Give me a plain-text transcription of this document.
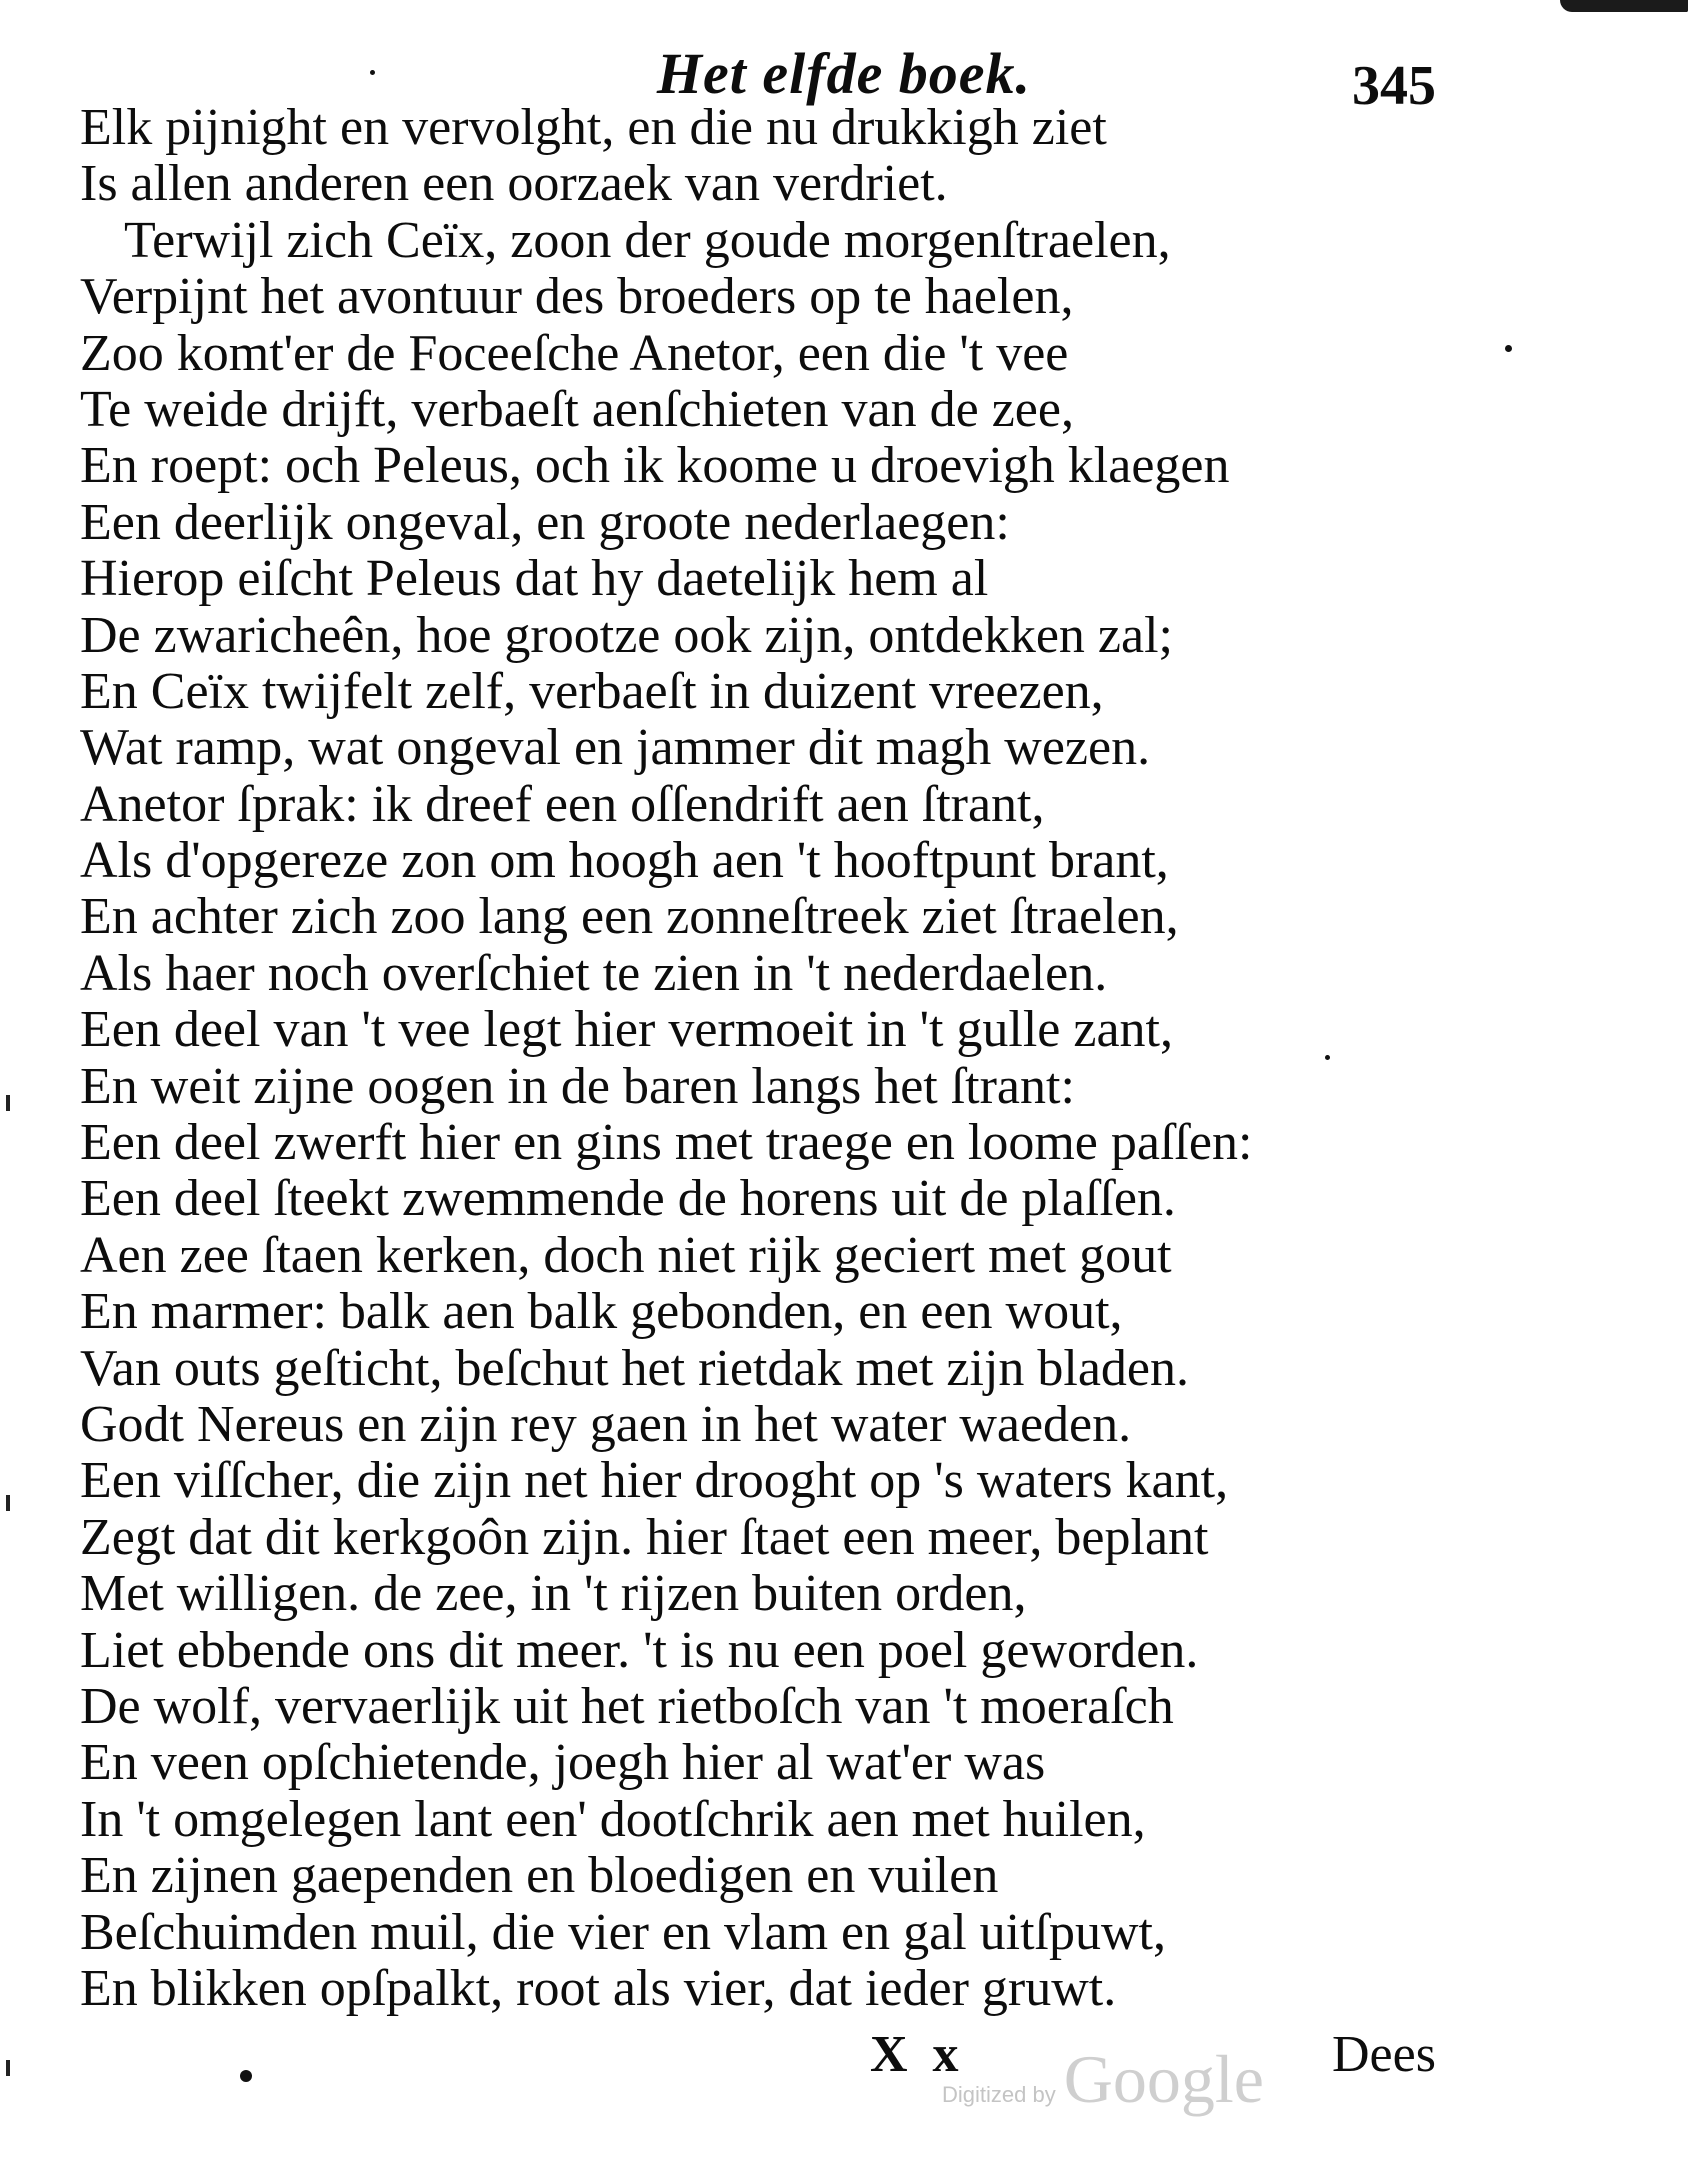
Het elfde boek.	345
Elk pijnight en vervolght, en die nu drukkigh ziet
Is allen anderen een oorzaek van verdriet.
Terwijl zich Ceïx, zoon der goude morgenſtraelen,
Verpijnt het avontuur des broeders op te haelen,
Zoo komt'er de Foceeſche Anetor, een die 't vee
Te weide drijft, verbaeſt aenſchieten van de zee,
En roept: och Peleus, och ik koome u droevigh klaegen
Een deerlijk ongeval, en groote nederlaegen:
Hierop eiſcht Peleus dat hy daetelijk hem al
De zwaricheên, hoe grootze ook zijn, ontdekken zal;
En Ceïx twijfelt zelf, verbaeſt in duizent vreezen,
Wat ramp, wat ongeval en jammer dit magh wezen.
Anetor ſprak: ik dreef een oſſendrift aen ſtrant,
Als d'opgereze zon om hoogh aen 't hooftpunt brant,
En achter zich zoo lang een zonneſtreek ziet ſtraelen,
Als haer noch overſchiet te zien in 't nederdaelen.
Een deel van 't vee legt hier vermoeit in 't gulle zant,
En weit zijne oogen in de baren langs het ſtrant:
Een deel zwerft hier en gins met traege en loome paſſen:
Een deel ſteekt zwemmende de horens uit de plaſſen.
Aen zee ſtaen kerken, doch niet rijk geciert met gout
En marmer: balk aen balk gebonden, en een wout,
Van outs geſticht, beſchut het rietdak met zijn bladen.
Godt Nereus en zijn rey gaen in het water waeden.
Een viſſcher, die zijn net hier drooght op 's waters kant,
Zegt dat dit kerkgoôn zijn. hier ſtaet een meer, beplant
Met willigen. de zee, in 't rijzen buiten orden,
Liet ebbende ons dit meer. 't is nu een poel geworden.
De wolf, vervaerlijk uit het rietboſch van 't moeraſch
En veen opſchietende, joegh hier al wat'er was
In 't omgelegen lant een' dootſchrik aen met huilen,
En zijnen gaependen en bloedigen en vuilen
Beſchuimden muil, die vier en vlam en gal uitſpuwt,
En blikken opſpalkt, root als vier, dat ieder gruwt.
X x	Dees
Digitized by Google
